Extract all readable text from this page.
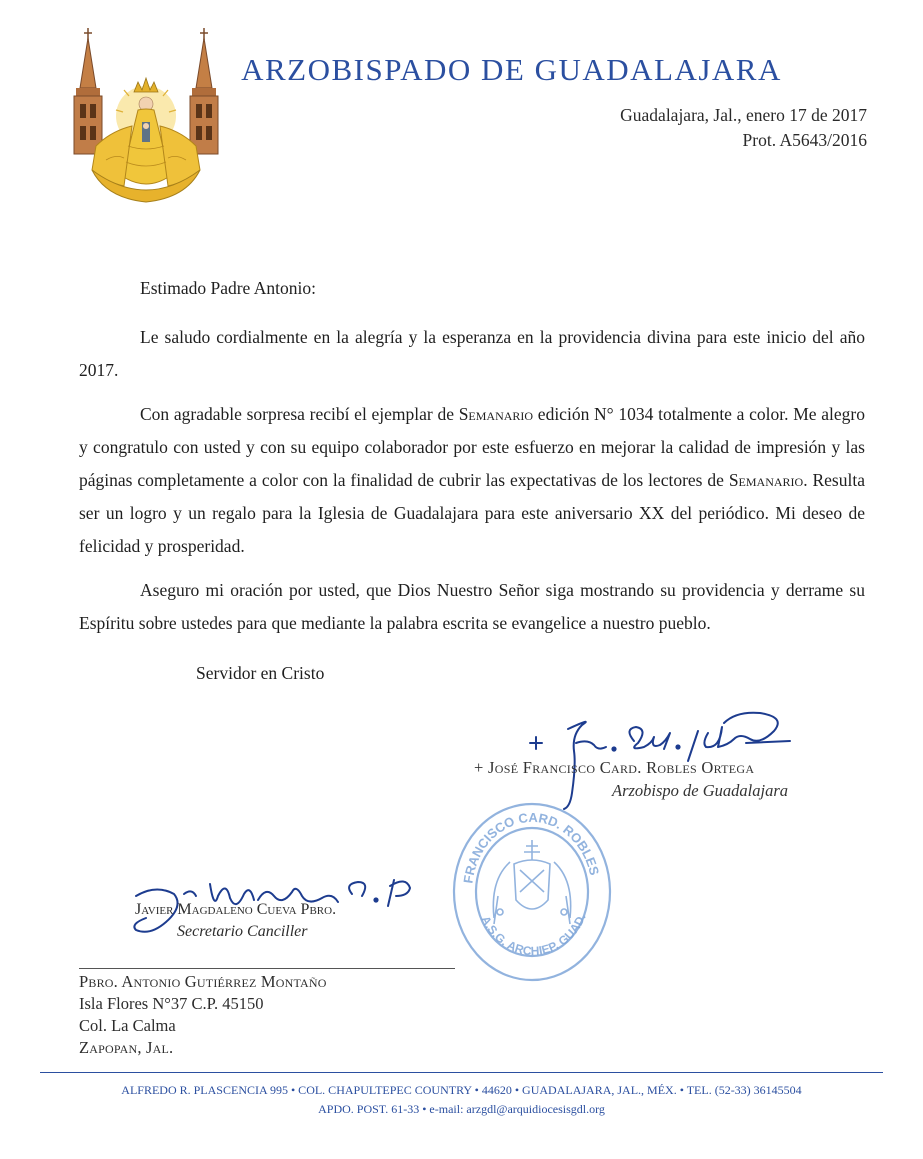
ARZOBISPADO DE GUADALAJARA
Guadalajara, Jal., enero 17 de 2017
Prot. A5643/2016
Estimado Padre Antonio:
Le saludo cordialmente en la alegría y la esperanza en la providencia divina para este inicio del año 2017.
Con agradable sorpresa recibí el ejemplar de Semanario edición N° 1034 totalmente a color. Me alegro y congratulo con usted y con su equipo colaborador por este esfuerzo en mejorar la calidad de impresión y las páginas completamente a color con la finalidad de cubrir las expectativas de los lectores de Semanario. Resulta ser un logro y un regalo para la Iglesia de Guadalajara para este aniversario XX del periódico. Mi deseo de felicidad y prosperidad.
Aseguro mi oración por usted, que Dios Nuestro Señor siga mostrando su providencia y derrame su Espíritu sobre ustedes para que mediante la palabra escrita se evangelice a nuestro pueblo.
Servidor en Cristo
+ José Francisco Card. Robles Ortega
Arzobispo de Guadalajara
FRANCISCO CARD. ROBLES
A.S.G. ARCHIEP. GUAD.
Javier Magdaleno Cueva Pbro.
Secretario Canciller
Pbro. Antonio Gutiérrez Montaño
Isla Flores N°37 C.P. 45150
Col. La Calma
Zapopan, Jal.
ALFREDO R. PLASCENCIA 995 • COL. CHAPULTEPEC COUNTRY • 44620 • GUADALAJARA, JAL., MÉX. • TEL. (52-33) 36145504
APDO. POST. 61-33 • e-mail: arzgdl@arquidiocesisgdl.org
